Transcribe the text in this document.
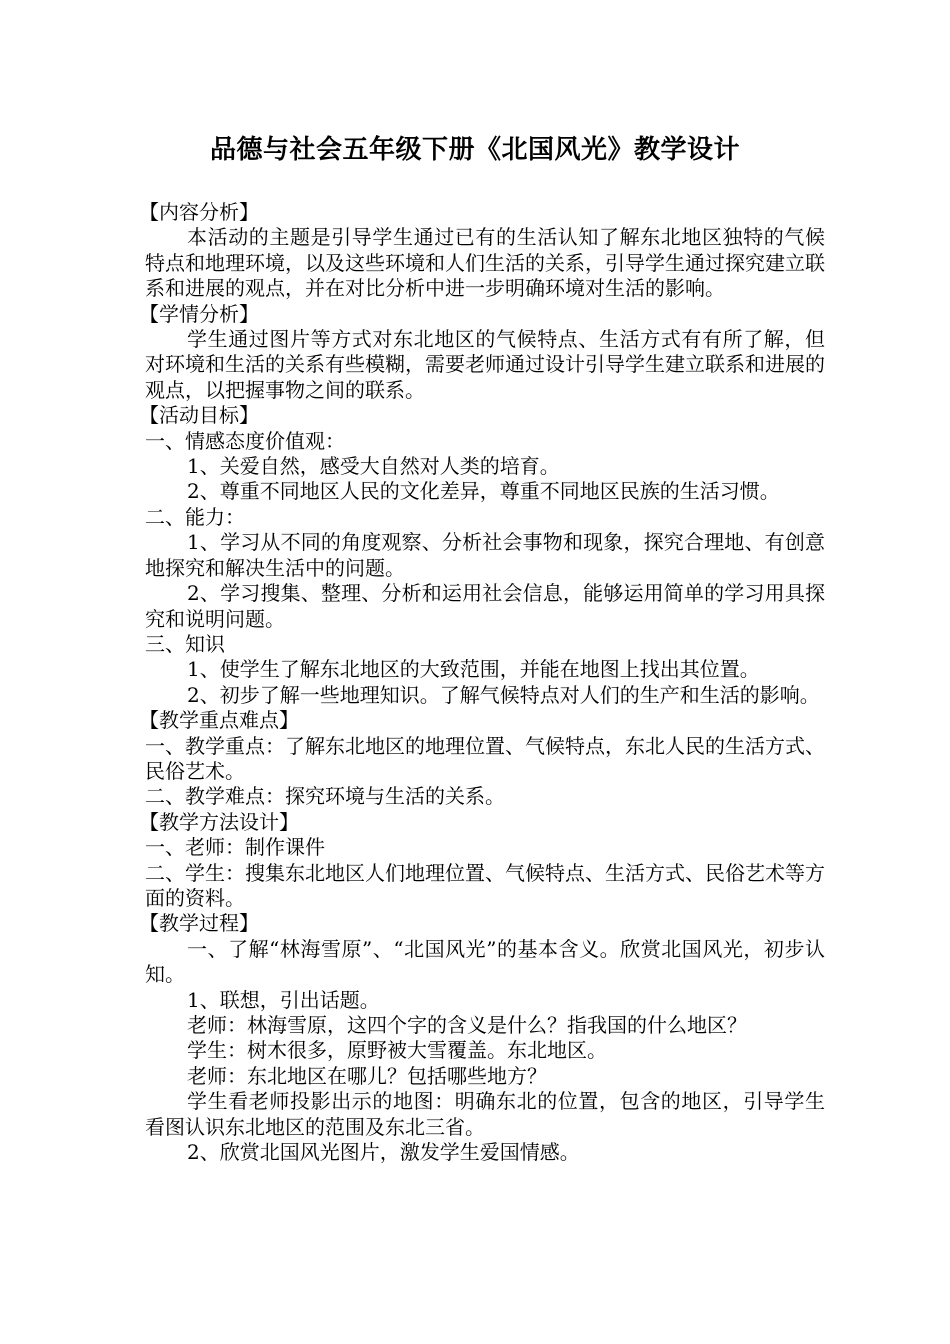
品德与社会五年级下册《北国风光》教学设计

【内容分析】

本活动的主题是引导学生通过已有的生活认知了解东北地区独特的气候特点和地理环境，以及这些环境和人们生活的关系，引导学生通过探究建立联系和进展的观点，并在对比分析中进一步明确环境对生活的影响。

【学情分析】

学生通过图片等方式对东北地区的气候特点、生活方式有有所了解，但对环境和生活的关系有些模糊，需要老师通过设计引导学生建立联系和进展的观点，以把握事物之间的联系。

【活动目标】

一、情感态度价值观：

1、关爱自然，感受大自然对人类的培育。

2、尊重不同地区人民的文化差异，尊重不同地区民族的生活习惯。

二、能力：

1、学习从不同的角度观察、分析社会事物和现象，探究合理地、有创意地探究和解决生活中的问题。

2、学习搜集、整理、分析和运用社会信息，能够运用简单的学习用具探究和说明问题。

三、知识

1、使学生了解东北地区的大致范围，并能在地图上找出其位置。

2、初步了解一些地理知识。了解气候特点对人们的生产和生活的影响。

【教学重点难点】

一、教学重点：了解东北地区的地理位置、气候特点，东北人民的生活方式、民俗艺术。

二、教学难点：探究环境与生活的关系。

【教学方法设计】

一、老师：制作课件

二、学生：搜集东北地区人们地理位置、气候特点、生活方式、民俗艺术等方面的资料。

【教学过程】

一、了解“林海雪原”、“北国风光”的基本含义。欣赏北国风光，初步认知。

1、联想，引出话题。

老师：林海雪原，这四个字的含义是什么？指我国的什么地区？

学生：树木很多，原野被大雪覆盖。东北地区。

老师：东北地区在哪儿？包括哪些地方？

学生看老师投影出示的地图：明确东北的位置，包含的地区，引导学生看图认识东北地区的范围及东北三省。

2、欣赏北国风光图片，激发学生爱国情感。
